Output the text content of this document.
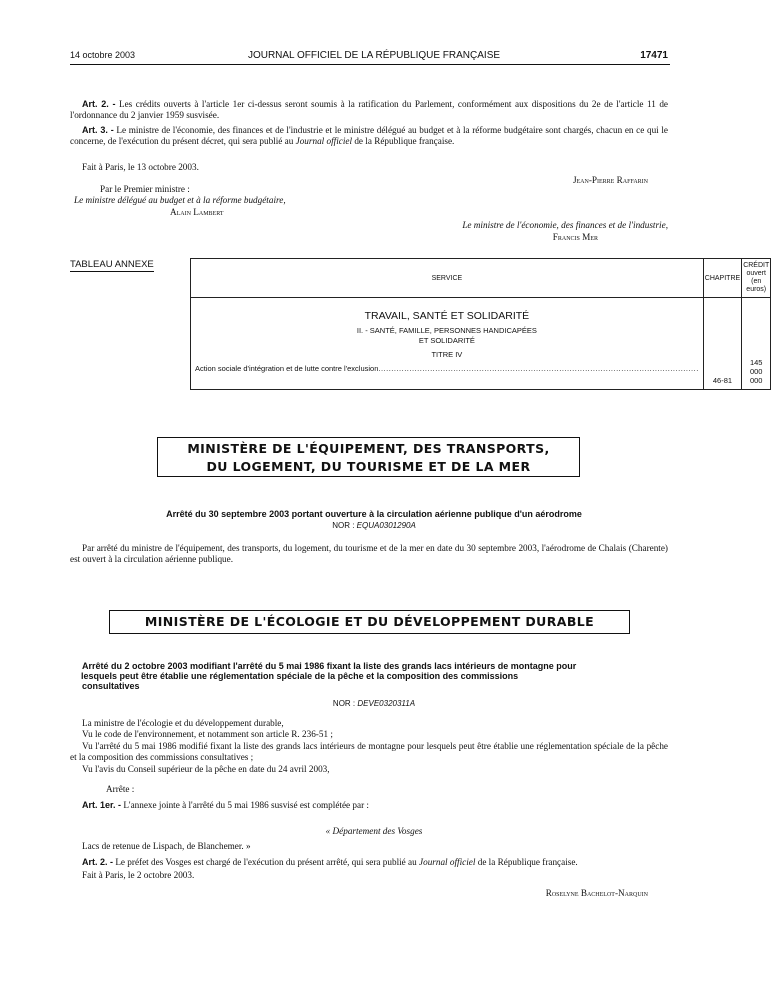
14 octobre 2003	JOURNAL OFFICIEL DE LA RÉPUBLIQUE FRANÇAISE	17471
Art. 2. - Les crédits ouverts à l'article 1er ci-dessus seront soumis à la ratification du Parlement, conformément aux dispositions du 2e de l'article 11 de l'ordonnance du 2 janvier 1959 susvisée.
Art. 3. - Le ministre de l'économie, des finances et de l'industrie et le ministre délégué au budget et à la réforme budgétaire sont chargés, chacun en ce qui le concerne, de l'exécution du présent décret, qui sera publié au Journal officiel de la République française.
Fait à Paris, le 13 octobre 2003.
Jean-Pierre Raffarin
Par le Premier ministre :
Le ministre délégué au budget et à la réforme budgétaire,
Alain Lambert
Le ministre de l'économie, des finances et de l'industrie,
Francis Mer
TABLEAU ANNEXE
SERVICE	CHAPITRE	CRÉDIT
ouvert
(en euros)

TRAVAIL, SANTÉ ET SOLIDARITÉ
II. - SANTÉ, FAMILLE, PERSONNES HANDICAPÉES
ET SOLIDARITÉ
TITRE IV
Action sociale d'intégration et de lutte contre l'exclusion............................................................................................................................	46-81	145 000 000
MINISTÈRE DE L'ÉQUIPEMENT, DES TRANSPORTS,
DU LOGEMENT, DU TOURISME ET DE LA MER
Arrêté du 30 septembre 2003 portant ouverture à la circulation aérienne publique d'un aérodrome
NOR : EQUA0301290A
Par arrêté du ministre de l'équipement, des transports, du logement, du tourisme et de la mer en date du 30 septembre 2003, l'aérodrome de Chalais (Charente) est ouvert à la circulation aérienne publique.
MINISTÈRE DE L'ÉCOLOGIE ET DU DÉVELOPPEMENT DURABLE
Arrêté du 2 octobre 2003 modifiant l'arrêté du 5 mai 1986 fixant la liste des grands lacs intérieurs de montagne pour
lesquels peut être établie une réglementation spéciale de la pêche et la composition des commissions
consultatives
NOR : DEVE0320311A
La ministre de l'écologie et du développement durable,
Vu le code de l'environnement, et notamment son article R. 236-51 ;
Vu l'arrêté du 5 mai 1986 modifié fixant la liste des grands lacs intérieurs de montagne pour lesquels peut être établie une réglementation spéciale de la pêche et la composition des commissions consultatives ;
Vu l'avis du Conseil supérieur de la pêche en date du 24 avril 2003,
Arrête :
Art. 1er. - L'annexe jointe à l'arrêté du 5 mai 1986 susvisé est complétée par :
« Département des Vosges
Lacs de retenue de Lispach, de Blanchemer. »
Art. 2. - Le préfet des Vosges est chargé de l'exécution du présent arrêté, qui sera publié au Journal officiel de la République française.
Fait à Paris, le 2 octobre 2003.
Roselyne Bachelot-Narquin
